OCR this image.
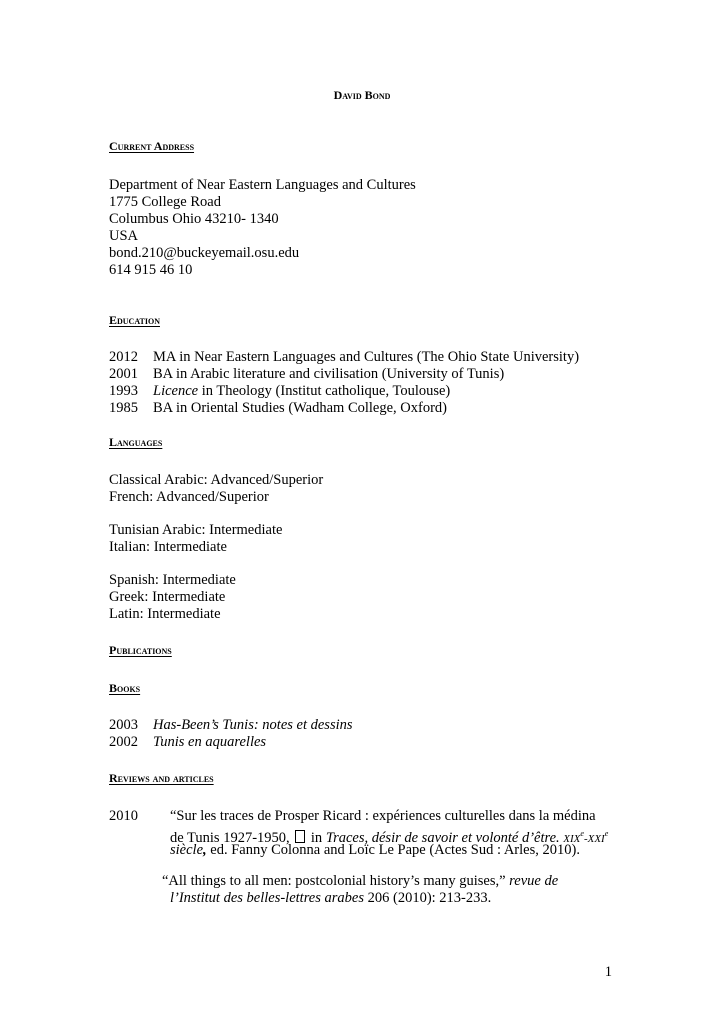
David Bond
Current Address
Department of Near Eastern Languages and Cultures
1775 College Road
Columbus Ohio 43210- 1340
USA
bond.210@buckeyemail.osu.edu
614 915 46 10
Education
2012 MA in Near Eastern Languages and Cultures (The Ohio State University)
2001 BA in Arabic literature and civilisation (University of Tunis)
1993 Licence in Theology (Institut catholique, Toulouse)
1985 BA in Oriental Studies (Wadham College, Oxford)
Languages
Classical Arabic: Advanced/Superior
French: Advanced/Superior
Tunisian Arabic: Intermediate
Italian: Intermediate
Spanish: Intermediate
Greek: Intermediate
Latin: Intermediate
Publications
Books
2003 Has-Been’s Tunis: notes et dessins
2002 Tunis en aquarelles
Reviews and articles
2010 “Sur les traces de Prosper Ricard : expériences culturelles dans la médina
de Tunis 1927-1950,  in Traces, désir de savoir et volonté d’être. XIXe-XXIe
siècle, ed. Fanny Colonna and Loïc Le Pape (Actes Sud : Arles, 2010).
“All things to all men: postcolonial history’s many guises,” revue de
l’Institut des belles-lettres arabes 206 (2010): 213-233.
1
